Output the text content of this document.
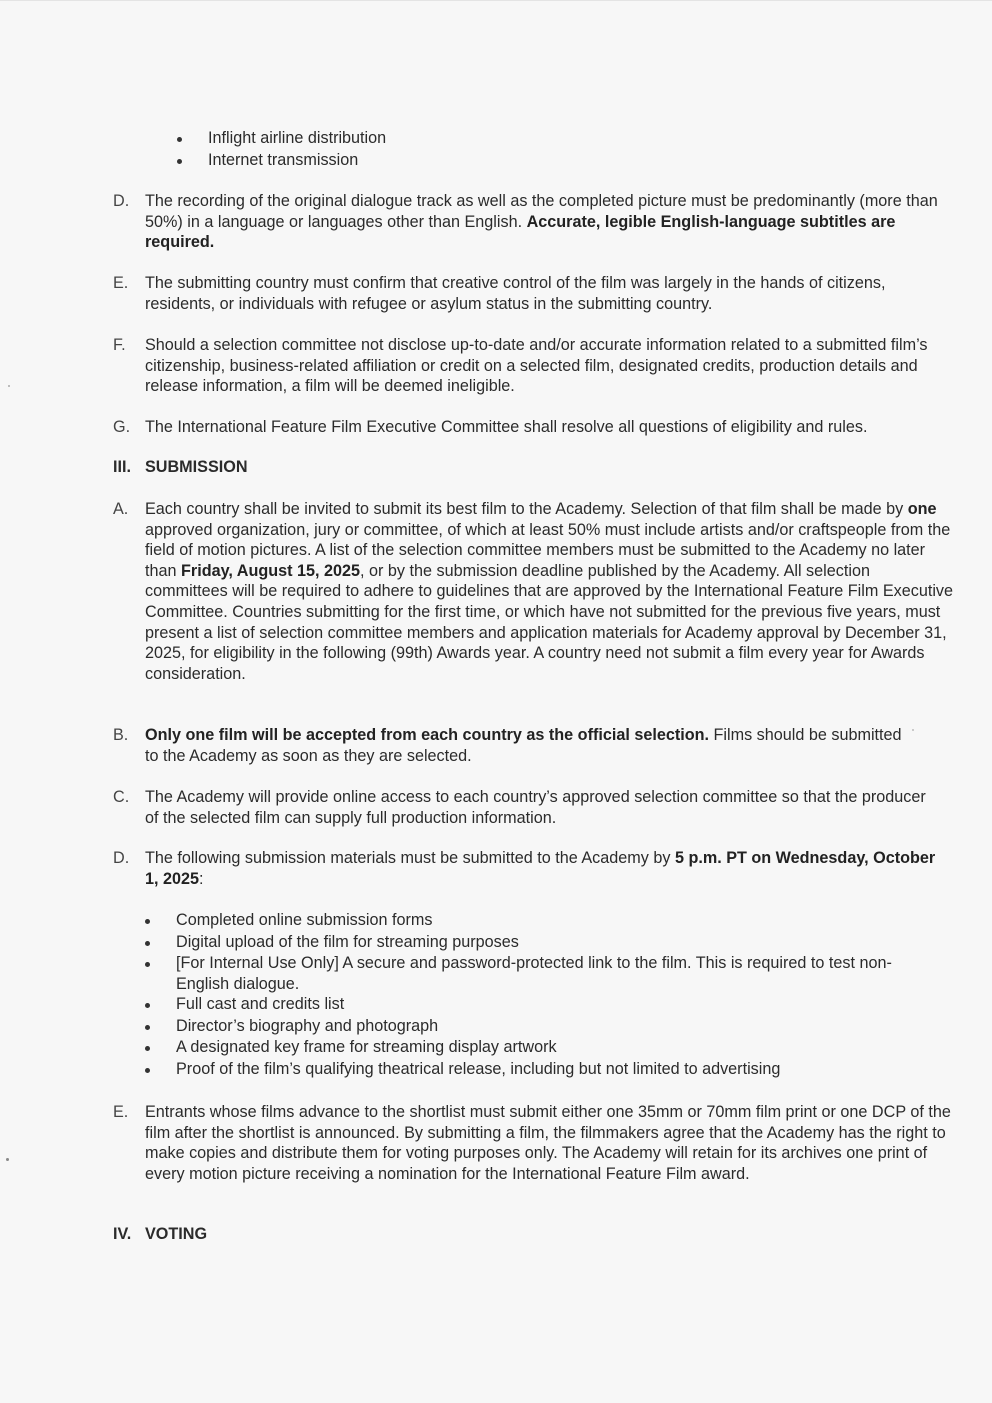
Inflight airline distribution
Internet transmission
D. The recording of the original dialogue track as well as the completed picture must be predominantly (more than 50%) in a language or languages other than English. Accurate, legible English-language subtitles are required.
E. The submitting country must confirm that creative control of the film was largely in the hands of citizens, residents, or individuals with refugee or asylum status in the submitting country.
F. Should a selection committee not disclose up-to-date and/or accurate information related to a submitted film’s citizenship, business-related affiliation or credit on a selected film, designated credits, production details and release information, a film will be deemed ineligible.
G. The International Feature Film Executive Committee shall resolve all questions of eligibility and rules.
III. SUBMISSION
A. Each country shall be invited to submit its best film to the Academy. Selection of that film shall be made by one approved organization, jury or committee, of which at least 50% must include artists and/or craftspeople from the field of motion pictures. A list of the selection committee members must be submitted to the Academy no later than Friday, August 15, 2025, or by the submission deadline published by the Academy. All selection committees will be required to adhere to guidelines that are approved by the International Feature Film Executive Committee. Countries submitting for the first time, or which have not submitted for the previous five years, must present a list of selection committee members and application materials for Academy approval by December 31, 2025, for eligibility in the following (99th) Awards year. A country need not submit a film every year for Awards consideration.
B. Only one film will be accepted from each country as the official selection. Films should be submitted to the Academy as soon as they are selected.
C. The Academy will provide online access to each country’s approved selection committee so that the producer of the selected film can supply full production information.
D. The following submission materials must be submitted to the Academy by 5 p.m. PT on Wednesday, October 1, 2025:
Completed online submission forms
Digital upload of the film for streaming purposes
[For Internal Use Only] A secure and password-protected link to the film. This is required to test non-English dialogue.
Full cast and credits list
Director’s biography and photograph
A designated key frame for streaming display artwork
Proof of the film’s qualifying theatrical release, including but not limited to advertising
E. Entrants whose films advance to the shortlist must submit either one 35mm or 70mm film print or one DCP of the film after the shortlist is announced. By submitting a film, the filmmakers agree that the Academy has the right to make copies and distribute them for voting purposes only. The Academy will retain for its archives one print of every motion picture receiving a nomination for the International Feature Film award.
IV. VOTING
